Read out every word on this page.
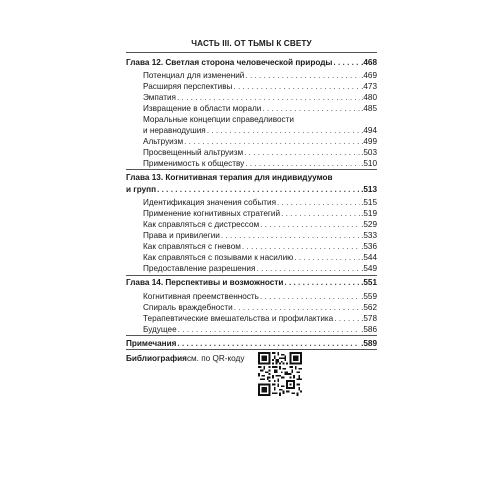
ЧАСТЬ III. ОТ ТЬМЫ К СВЕТУ
Глава 12. Светлая сторона человеческой природы . . .	.468
Потенциал для изменений . . .	.469
Расширяя перспективы . . .	.473
Эмпатия . . .	.480
Извращение в области морали . . .	.485
Моральные концепции справедливости
и неравнодушия . . .	.494
Альтруизм . . .	.499
Просвещенный альтруизм . . .	.503
Применимость к обществу . . .	.510
Глава 13. Когнитивная терапия для индивидуумов
и групп . . .	.513
Идентификация значения события . . .	.515
Применение когнитивных стратегий . . .	.519
Как справляться с дистрессом . . .	.529
Права и привилегии . . .	.533
Как справляться с гневом . . .	.536
Как справляться с позывами к насилию . . .	.544
Предоставление разрешения . . .	.549
Глава 14. Перспективы и возможности . . .	.551
Когнитивная преемственность . . .	.559
Спираль враждебности . . .	.562
Терапевтические вмешательства и профилактика . . .	.578
Будущее . . .	.586
Примечания . . .	.589
Библиография см. по QR-коду
